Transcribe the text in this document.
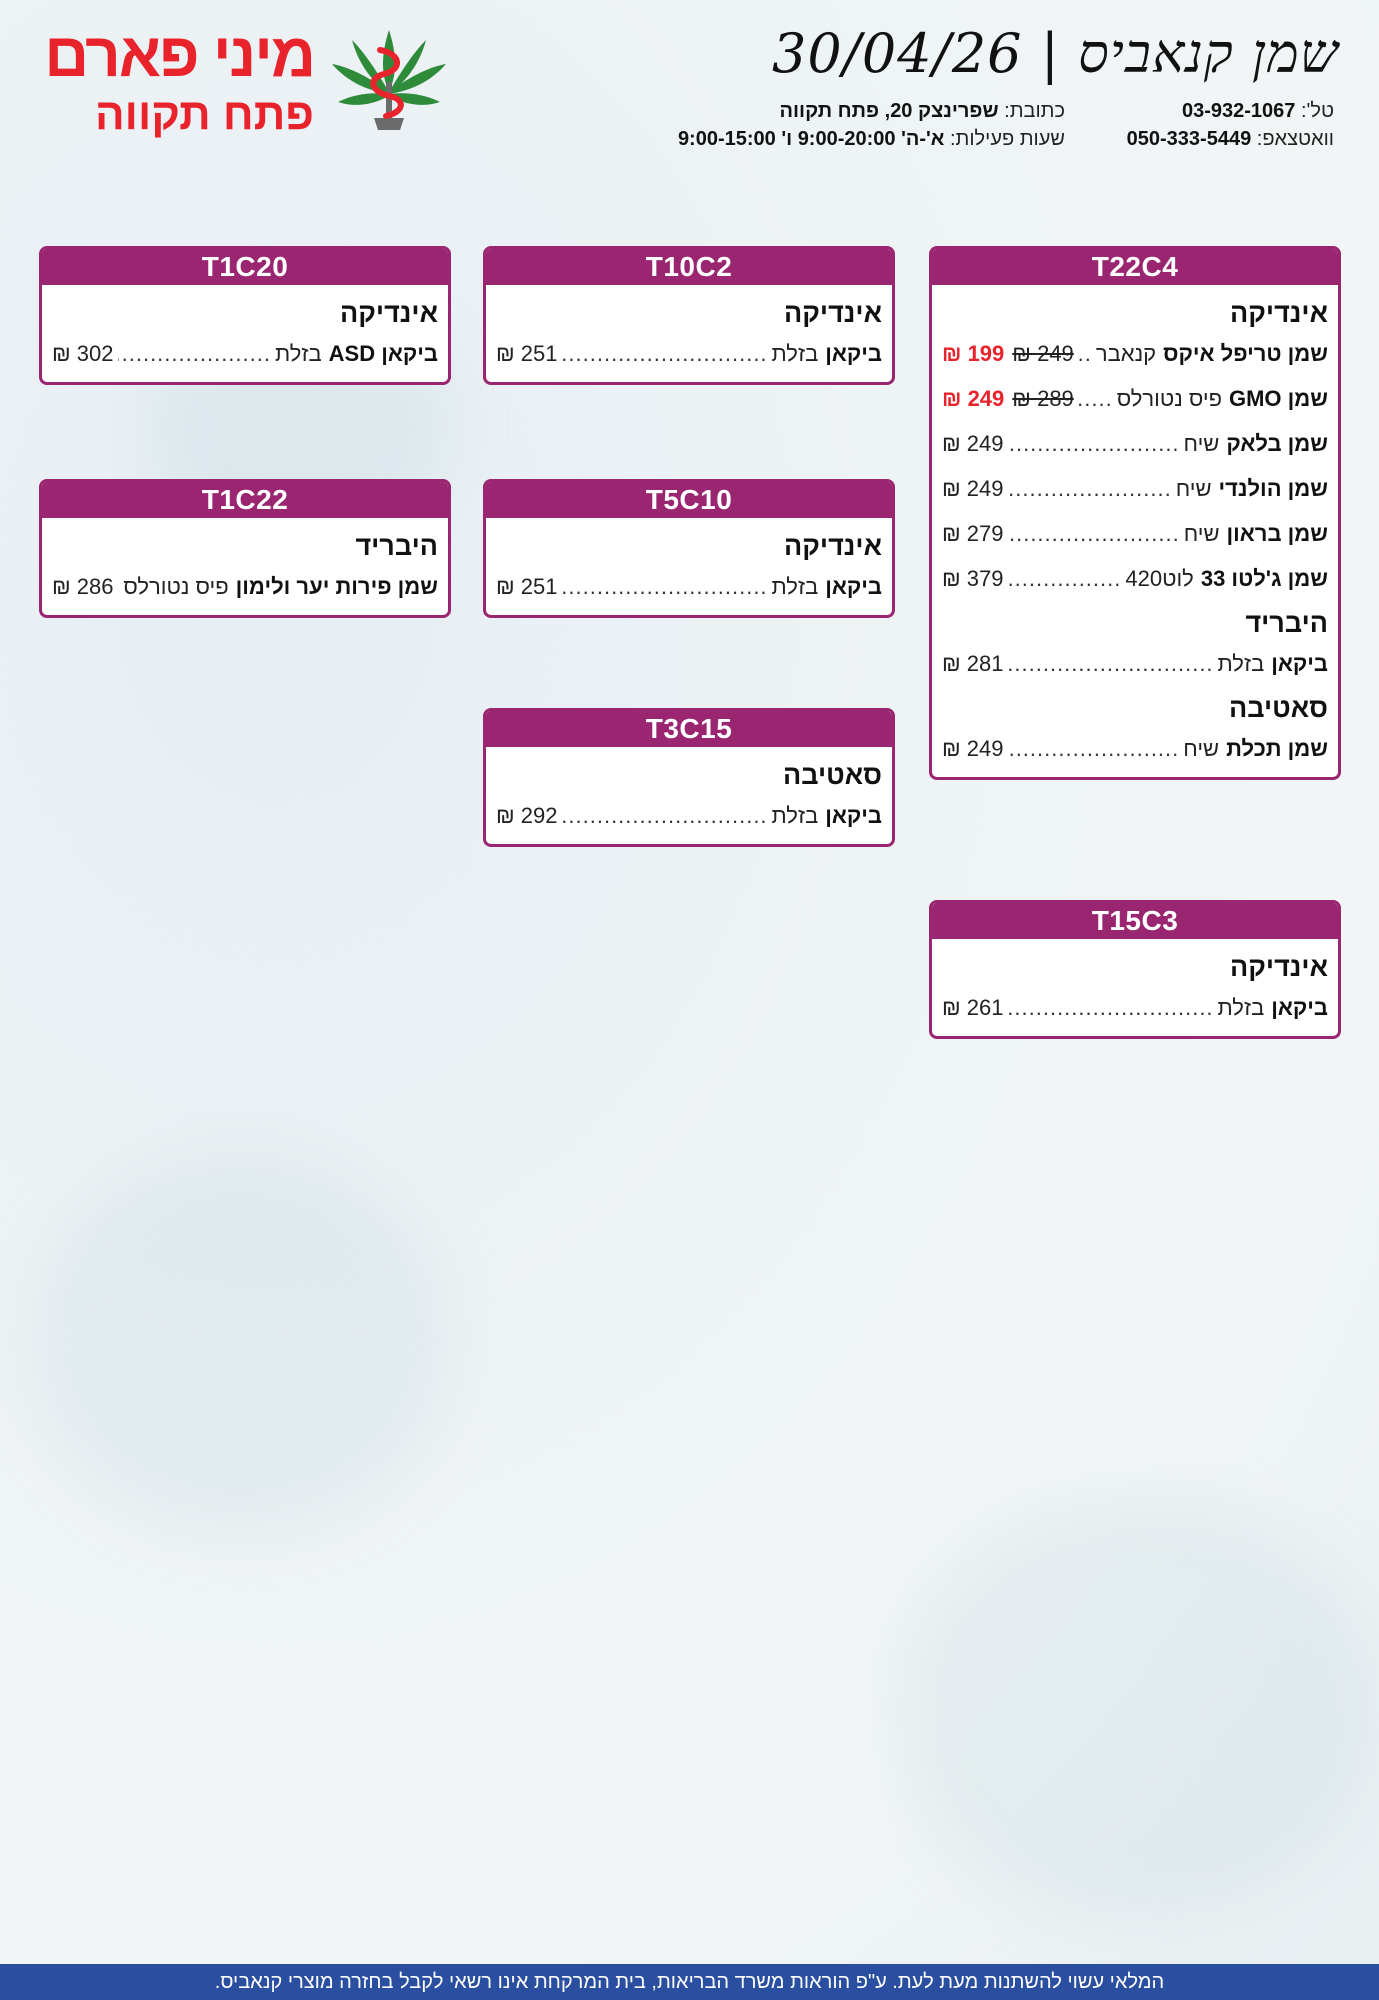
שמן קנאביס | 30/04/26
טל': 03-932-1067
וואטצאפ: 050-333-5449
כתובת: שפרינצק 20, פתח תקווה
שעות פעילות: א'-ה' 9:00-20:00 ו' 9:00-15:00
מיני פארם
פתח תקווה
T22C4
אינדיקה
שמן טריפל איקס
קנאבר
.....
249 ₪
199 ₪
שמן GMO
פיס נטורלס
.....
289 ₪
249 ₪
שמן בלאק
שיח
.....
249 ₪
שמן הולנדי
שיח
.....
249 ₪
שמן בראון
שיח
.....
279 ₪
שמן ג'לטו 33
לוט420
.....
379 ₪
היבריד
ביקאן
בזלת
.....
281 ₪
סאטיבה
שמן תכלת
שיח
.....
249 ₪
T10C2
אינדיקה
ביקאן
בזלת
.....
251 ₪
T1C20
אינדיקה
ביקאן ASD
בזלת
.....
302 ₪
T5C10
אינדיקה
ביקאן
בזלת
.....
251 ₪
T1C22
היבריד
שמן פירות יער ולימון
פיס נטורלס
.....
286 ₪
T3C15
סאטיבה
ביקאן
בזלת
.....
292 ₪
T15C3
אינדיקה
ביקאן
בזלת
.....
261 ₪
המלאי עשוי להשתנות מעת לעת. ע"פ הוראות משרד הבריאות, בית המרקחת אינו רשאי לקבל בחזרה מוצרי קנאביס.
